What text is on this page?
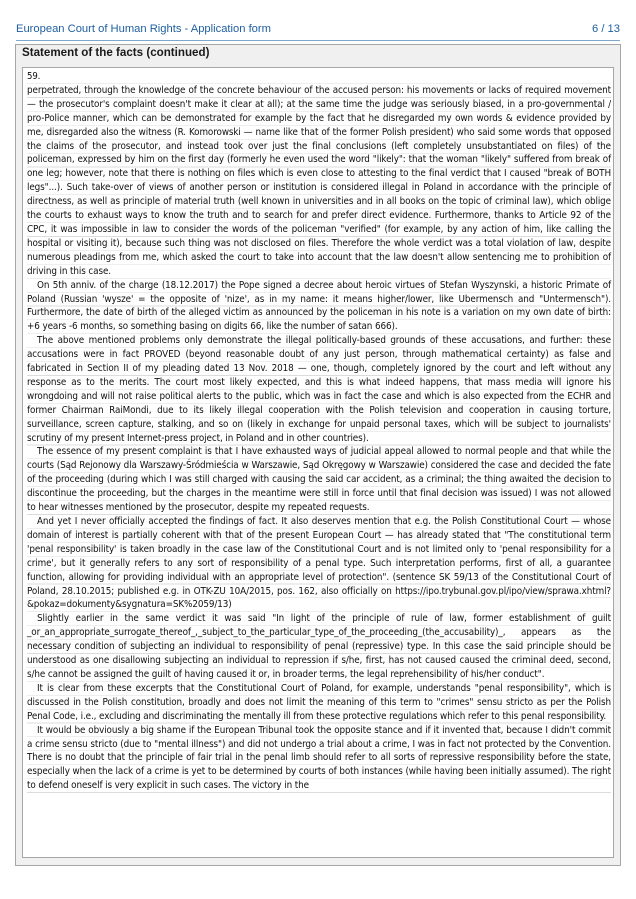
European Court of Human Rights - Application form	6 / 13
Statement of the facts (continued)
59.

perpetrated, through the knowledge of the concrete behaviour of the accused person: his movements or lacks of required movement — the prosecutor's complaint doesn't make it clear at all); at the same time the judge was seriously biased, in a pro-governmental / pro-Police manner, which can be demonstrated for example by the fact that he disregarded my own words & evidence provided by me, disregarded also the witness (R. Komorowski — name like that of the former Polish president) who said some words that opposed the claims of the prosecutor, and instead took over just the final conclusions (left completely unsubstantiated on files) of the policeman, expressed by him on the first day (formerly he even used the word "likely": that the woman "likely" suffered from break of one leg; however, note that there is nothing on files which is even close to attesting to the final verdict that I caused "break of BOTH legs"...). Such take-over of views of another person or institution is considered illegal in Poland in accordance with the principle of directness, as well as principle of material truth (well known in universities and in all books on the topic of criminal law), which oblige the courts to exhaust ways to know the truth and to search for and prefer direct evidence. Furthermore, thanks to Article 92 of the CPC, it was impossible in law to consider the words of the policeman "verified" (for example, by any action of him, like calling the hospital or visiting it), because such thing was not disclosed on files. Therefore the whole verdict was a total violation of law, despite numerous pleadings from me, which asked the court to take into account that the law doesn't allow sentencing me to prohibition of driving in this case.

On 5th anniv. of the charge (18.12.2017) the Pope signed a decree about heroic virtues of Stefan Wyszynski, a historic Primate of Poland (Russian 'wysze' = the opposite of 'nize', as in my name: it means higher/lower, like Ubermensch and "Untermensch"). Furthermore, the date of birth of the alleged victim as announced by the policeman in his note is a variation on my own date of birth: +6 years -6 months, so something basing on digits 66, like the number of satan 666).

The above mentioned problems only demonstrate the illegal politically-based grounds of these accusations, and further: these accusations were in fact PROVED (beyond reasonable doubt of any just person, through mathematical certainty) as false and fabricated in Section II of my pleading dated 13 Nov. 2018 — one, though, completely ignored by the court and left without any response as to the merits. The court most likely expected, and this is what indeed happens, that mass media will ignore his wrongdoing and will not raise political alerts to the public, which was in fact the case and which is also expected from the ECHR and former Chairman RaiMondi, due to its likely illegal cooperation with the Polish television and cooperation in causing torture, surveillance, screen capture, stalking, and so on (likely in exchange for unpaid personal taxes, which will be subject to journalists' scrutiny of my present Internet-press project, in Poland and in other countries).

The essence of my present complaint is that I have exhausted ways of judicial appeal allowed to normal people and that while the courts (Sąd Rejonowy dla Warszawy-Śródmieścia w Warszawie, Sąd Okręgowy w Warszawie) considered the case and decided the fate of the proceeding (during which I was still charged with causing the said car accident, as a criminal; the thing awaited the decision to discontinue the proceeding, but the charges in the meantime were still in force until that final decision was issued) I was not allowed to hear witnesses mentioned by the prosecutor, despite my repeated requests.

And yet I never officially accepted the findings of fact. It also deserves mention that e.g. the Polish Constitutional Court — whose domain of interest is partially coherent with that of the present European Court — has already stated that "The constitutional term 'penal responsibility' is taken broadly in the case law of the Constitutional Court and is not limited only to 'penal responsibility for a crime', but it generally refers to any sort of responsibility of a penal type. Such interpretation performs, first of all, a guarantee function, allowing for providing individual with an appropriate level of protection". (sentence SK 59/13 of the Constitutional Court of Poland, 28.10.2015; published e.g. in OTK-ZU 10A/2015, pos. 162, also officially on https://ipo.trybunal.gov.pl/ipo/view/sprawa.xhtml?&pokaz=dokumenty&sygnatura=SK%2059/13)

Slightly earlier in the same verdict it was said "In light of the principle of rule of law, former establishment of guilt _or_an_appropriate_surrogate_thereof_,_subject_to_the_particular_type_of_the_proceeding_(the_accusability)_, appears as the necessary condition of subjecting an individual to responsibility of penal (repressive) type. In this case the said principle should be understood as one disallowing subjecting an individual to repression if s/he, first, has not caused caused the criminal deed, second, s/he cannot be assigned the guilt of having caused it or, in broader terms, the legal reprehensibility of his/her conduct".

It is clear from these excerpts that the Constitutional Court of Poland, for example, understands "penal responsibility", which is discussed in the Polish constitution, broadly and does not limit the meaning of this term to "crimes" sensu stricto as per the Polish Penal Code, i.e., excluding and discriminating the mentally ill from these protective regulations which refer to this penal responsibility.

It would be obviously a big shame if the European Tribunal took the opposite stance and if it invented that, because I didn't commit a crime sensu stricto (due to "mental illness") and did not undergo a trial about a crime, I was in fact not protected by the Convention. There is no doubt that the principle of fair trial in the penal limb should refer to all sorts of repressive responsibility before the state, especially when the lack of a crime is yet to be determined by courts of both instances (while having been initially assumed). The right to defend oneself is very explicit in such cases. The victory in the
